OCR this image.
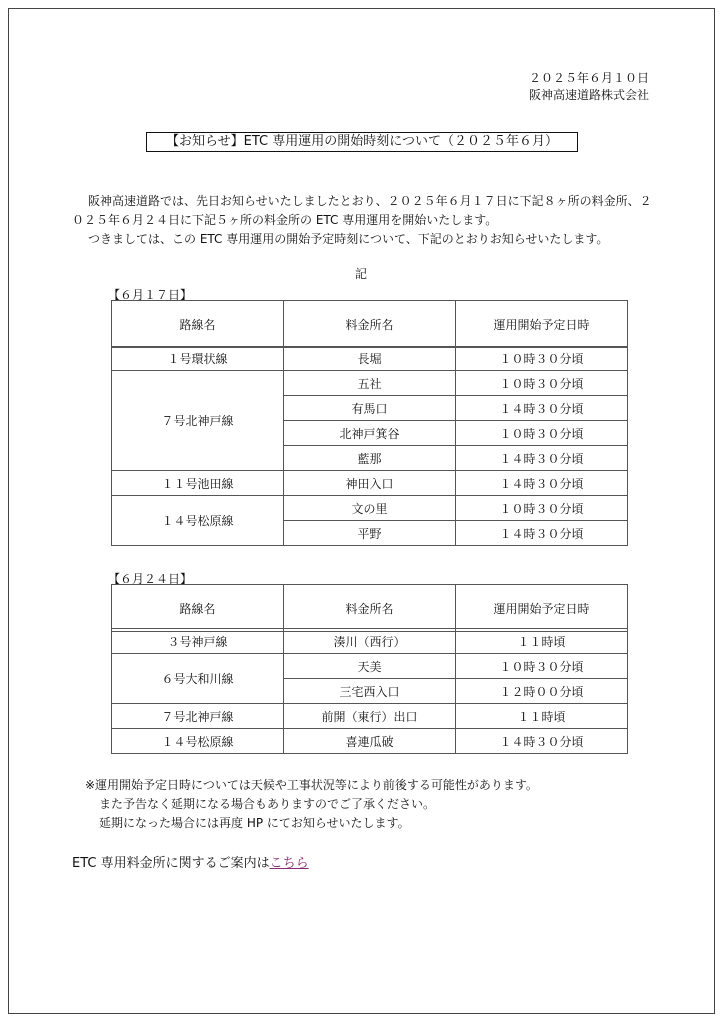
２０２５年６月１０日
阪神高速道路株式会社
【お知らせ】ETC 専用運用の開始時刻について（２０２５年６月）

阪神高速道路では、先日お知らせいたしましたとおり、２０２５年６月１７日に下記８ヶ所の料金所、２０２５年６月２４日に下記５ヶ所の料金所の ETC 専用運用を開始いたします。

つきましては、この ETC 専用運用の開始予定時刻について、下記のとおりお知らせいたします。

記
【６月１７日】
路線名	料金所名	運用開始予定日時

１号環状線	長堀	１０時３０分頃
７号北神戸線	五社	１０時３０分頃
	有馬口	１４時３０分頃
	北神戸箕谷	１０時３０分頃
	藍那	１４時３０分頃
１１号池田線	神田入口	１４時３０分頃
１４号松原線	文の里	１０時３０分頃
	平野	１４時３０分頃
【６月２４日】
路線名	料金所名	運用開始予定日時
３号神戸線	湊川（西行）	１１時頃
６号大和川線	天美	１０時３０分頃
	三宅西入口	１２時００分頃
７号北神戸線	前開（東行）出口	１１時頃
１４号松原線	喜連瓜破	１４時３０分頃

※運用開始予定日時については天候や工事状況等により前後する可能性があります。

また予告なく延期になる場合もありますのでご了承ください。

延期になった場合には再度 HP にてお知らせいたします。

ETC 専用料金所に関するご案内はこちら
